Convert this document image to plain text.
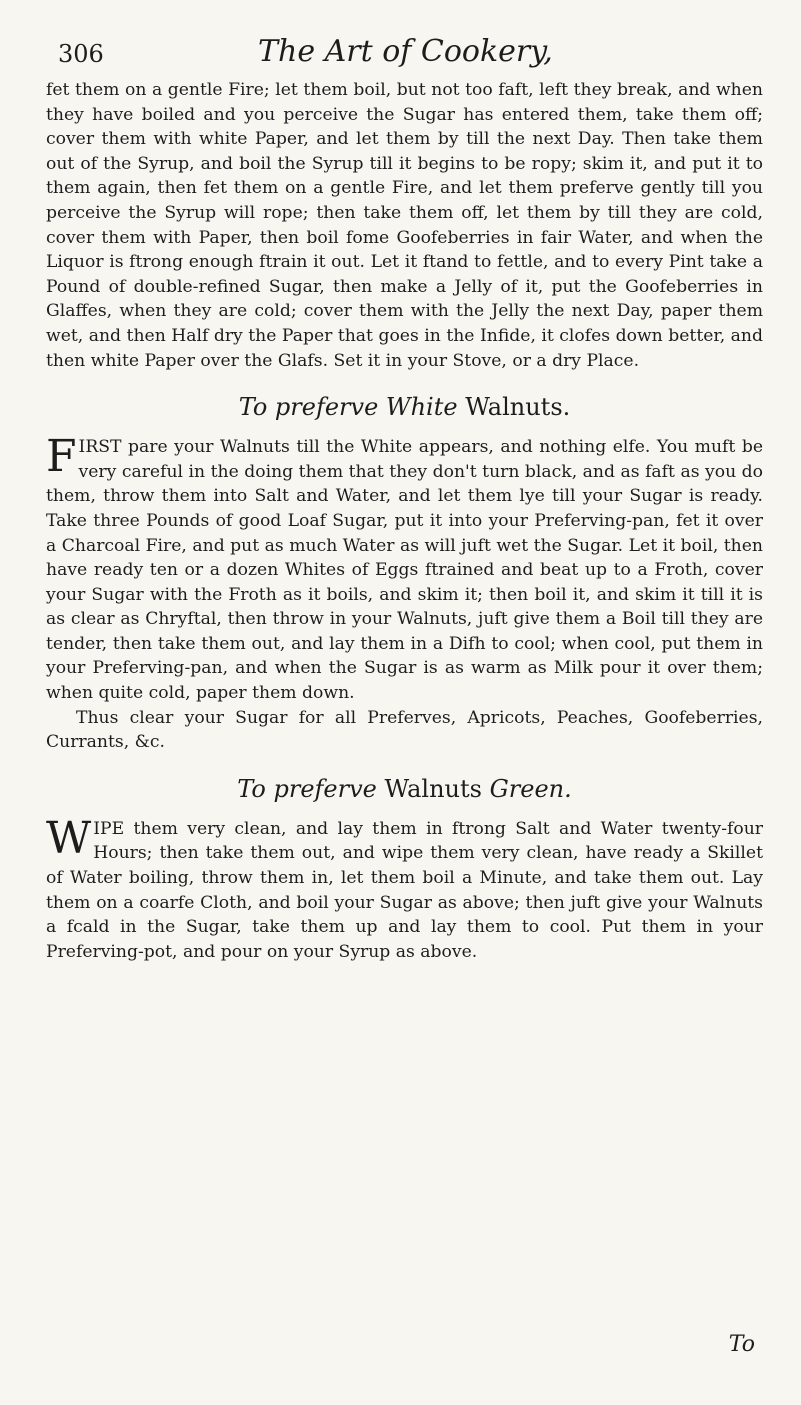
306	The Art of Cookery,

fet them on a gentle Fire; let them boil, but not too faft, left they break, and when they have boiled and you perceive the Sugar has entered them, take them off; cover them with white Paper, and let them by till the next Day. Then take them out of the Syrup, and boil the Syrup till it begins to be ropy; skim it, and put it to them again, then fet them on a gentle Fire, and let them preferve gently till you perceive the Syrup will rope; then take them off, let them by till they are cold, cover them with Paper, then boil fome Goofeberries in fair Water, and when the Liquor is ftrong enough ftrain it out. Let it ftand to fettle, and to every Pint take a Pound of double-refined Sugar, then make a Jelly of it, put the Goofeberries in Glaffes, when they are cold; cover them with the Jelly the next Day, paper them wet, and then Half dry the Paper that goes in the Infide, it clofes down better, and then white Paper over the Glafs. Set it in your Stove, or a dry Place.

To preferve White Walnuts.

FIRST pare your Walnuts till the White appears, and nothing elfe. You muft be very careful in the doing them that they don't turn black, and as faft as you do them, throw them into Salt and Water, and let them lye till your Sugar is ready. Take three Pounds of good Loaf Sugar, put it into your Preferving-pan, fet it over a Charcoal Fire, and put as much Water as will juft wet the Sugar. Let it boil, then have ready ten or a dozen Whites of Eggs ftrained and beat up to a Froth, cover your Sugar with the Froth as it boils, and skim it; then boil it, and skim it till it is as clear as Chryftal, then throw in your Walnuts, juft give them a Boil till they are tender, then take them out, and lay them in a Difh to cool; when cool, put them in your Preferving-pan, and when the Sugar is as warm as Milk pour it over them; when quite cold, paper them down.

Thus clear your Sugar for all Preferves, Apricots, Peaches, Goofeberries, Currants, &c.

To preferve Walnuts Green.

WIPE them very clean, and lay them in ftrong Salt and Water twenty-four Hours; then take them out, and wipe them very clean, have ready a Skillet of Water boiling, throw them in, let them boil a Minute, and take them out. Lay them on a coarfe Cloth, and boil your Sugar as above; then juft give your Walnuts a fcald in the Sugar, take them up and lay them to cool. Put them in your Preferving-pot, and pour on your Syrup as above.

To
